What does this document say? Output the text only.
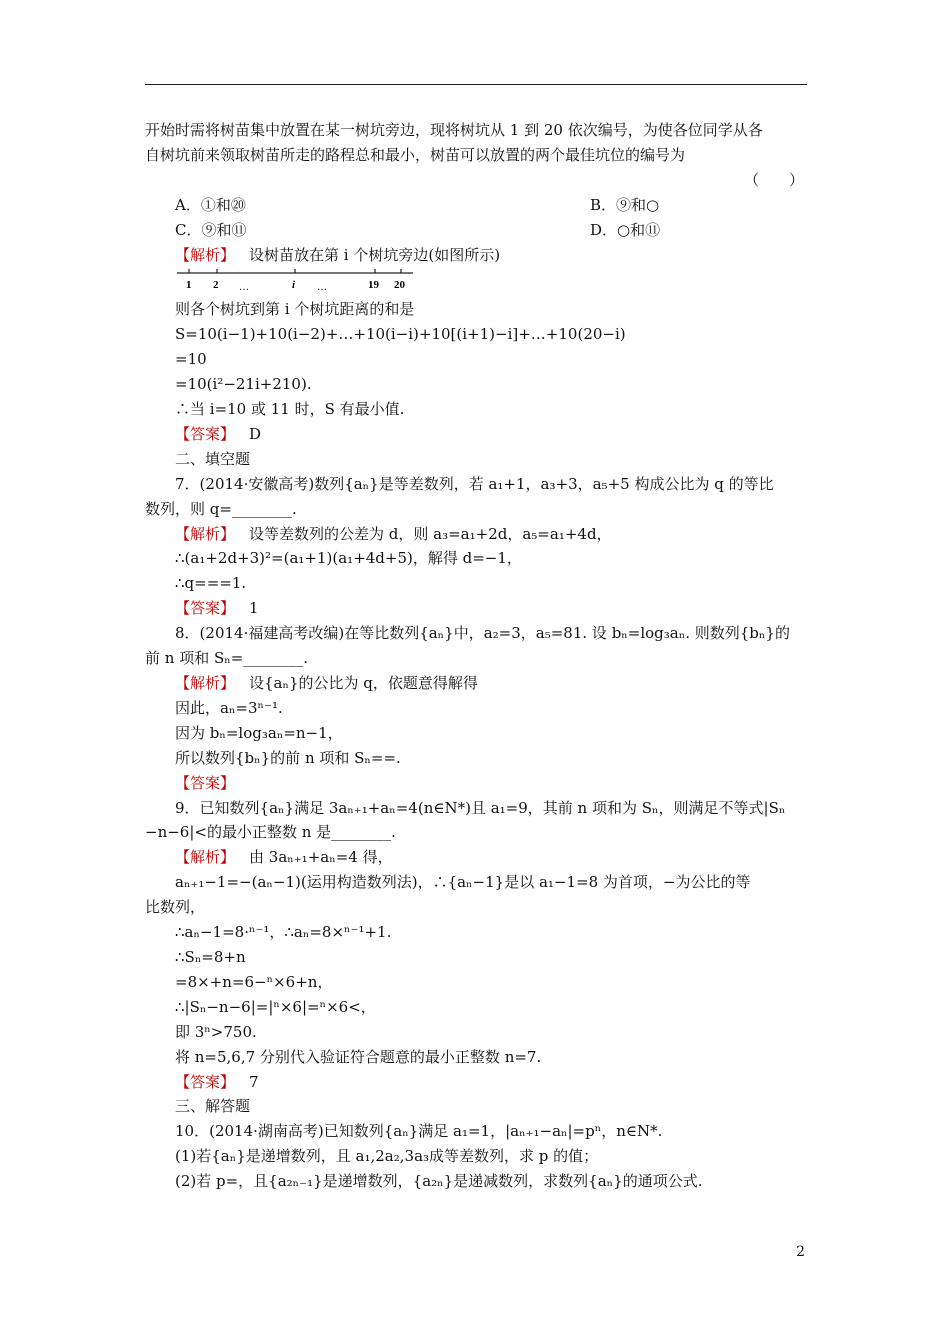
开始时需将树苗集中放置在某一树坑旁边，现将树坑从 1 到 20 依次编号，为使各位同学从各
自树坑前来领取树苗所走的路程总和最小，树苗可以放置的两个最佳坑位的编号为
（　　）
A．①和⑳	B．⑨和○
C．⑨和⑪	D．○和⑪
【解析】 设树苗放在第 i 个树坑旁边(如图所示)
1 2 …	i …	19 20
则各个树坑到第 i 个树坑距离的和是
S=10(i−1)+10(i−2)+…+10(i−i)+10[(i+1)−i]+…+10(20−i)
=10
=10(i²−21i+210).
∴当 i=10 或 11 时，S 有最小值.
【答案】 D
二、填空题
7．(2014·安徽高考)数列{aₙ}是等差数列，若 a₁+1，a₃+3，a₅+5 构成公比为 q 的等比
数列，则 q=________.
【解析】 设等差数列的公差为 d，则 a₃=a₁+2d，a₅=a₁+4d，
∴(a₁+2d+3)²=(a₁+1)(a₁+4d+5)，解得 d=−1，
∴q===1.
【答案】 1
8．(2014·福建高考改编)在等比数列{aₙ}中，a₂=3，a₅=81. 设 bₙ=log₃aₙ. 则数列{bₙ}的
前 n 项和 Sₙ=________.
【解析】 设{aₙ}的公比为 q，依题意得解得
因此，aₙ=3ⁿ⁻¹.
因为 bₙ=log₃aₙ=n−1，
所以数列{bₙ}的前 n 项和 Sₙ==.
【答案】
9．已知数列{aₙ}满足 3aₙ₊₁+aₙ=4(n∈N*)且 a₁=9，其前 n 项和为 Sₙ，则满足不等式|Sₙ
−n−6|<的最小正整数 n 是________.
【解析】 由 3aₙ₊₁+aₙ=4 得，
aₙ₊₁−1=−(aₙ−1)(运用构造数列法)，∴{aₙ−1}是以 a₁−1=8 为首项，−为公比的等
比数列，
∴aₙ−1=8·ⁿ⁻¹，∴aₙ=8×ⁿ⁻¹+1.
∴Sₙ=8+n
=8×+n=6−ⁿ×6+n，
∴|Sₙ−n−6|=|ⁿ×6|=ⁿ×6<，
即 3ⁿ>750.
将 n=5,6,7 分别代入验证符合题意的最小正整数 n=7.
【答案】 7
三、解答题
10．(2014·湖南高考)已知数列{aₙ}满足 a₁=1，|aₙ₊₁−aₙ|=pⁿ，n∈N*.
(1)若{aₙ}是递增数列，且 a₁,2a₂,3a₃成等差数列，求 p 的值；
(2)若 p=，且{a₂ₙ₋₁}是递增数列，{a₂ₙ}是递减数列，求数列{aₙ}的通项公式.
2
